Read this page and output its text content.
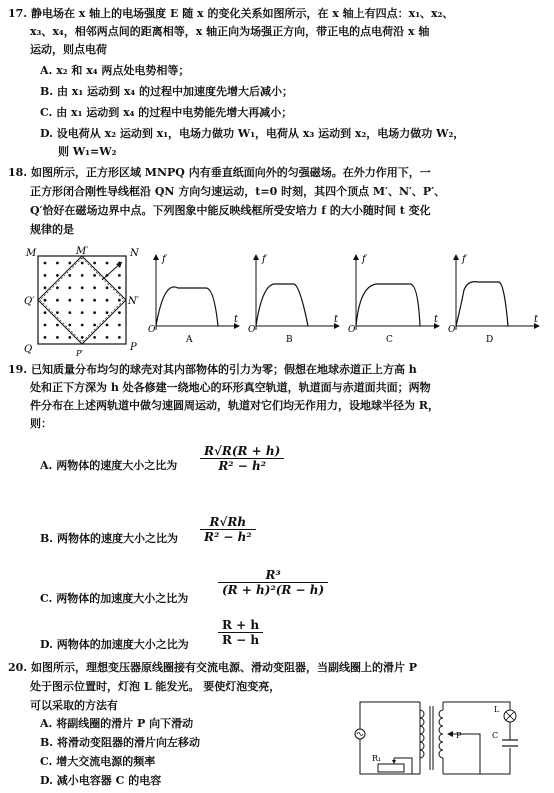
17. 静电场在 x 轴上的电场强度 E 随 x 的变化关系如图所示，在 x 轴上有四点：x₁、x₂、
x₃、x₄，相邻两点间的距离相等，x 轴正向为场强正方向，带正电的点电荷沿 x 轴
运动，则点电荷
A. x₂ 和 x₄ 两点处电势相等；
B. 由 x₁ 运动到 x₄ 的过程中加速度先增大后减小；
C. 由 x₁ 运动到 x₄ 的过程中电势能先增大再减小；
D. 设电荷从 x₂ 运动到 x₁，电场力做功 W₁，电荷从 x₃ 运动到 x₂，电场力做功 W₂，
则 W₁=W₂
18. 如图所示，正方形区域 MNPQ 内有垂直纸面向外的匀强磁场。在外力作用下，一
正方形闭合刚性导线框沿 QN 方向匀速运动，t=0 时刻，其四个顶点 M′、N′、P′、
Q′恰好在磁场边界中点。下列图象中能反映线框所受安培力 f 的大小随时间 t 变化
规律的是
M	M′	N
N′
Q′
Q	P
P′
f
t
O
A
f
t
O
B
f
t
O
C
f
t
O
D
19. 已知质量分布均匀的球壳对其内部物体的引力为零；假想在地球赤道正上方高 h
处和正下方深为 h 处各修建一绕地心的环形真空轨道，轨道面与赤道面共面；两物
件分布在上述两轨道中做匀速圆周运动，轨道对它们均无作用力，设地球半径为 R，
则：
A. 两物体的速度大小之比为 $\frac{R√R(R + h)}{\text{R² − h²}}$
B. 两物体的速度大小之比为 $\frac{R√Rh}{\text{R² − h²}}$
C. 两物体的加速度大小之比为
$\frac{\text{R³}}{\text{(R + h)²(R − h)}}$
D. 两物体的加速度大小之比为 $\frac{R + h}{R - h}$
20. 如图所示，理想变压器原线圈接有交流电源、滑动变阻器，当副线圈上的滑片 P
处于图示位置时，灯泡 L 能发光。 要使灯泡变亮，
可以采取的方法有
A. 将副线圈的滑片 P 向下滑动
B. 将滑动变阻器的滑片向左移动
C. 增大交流电源的频率
D. 减小电容器 C 的电容
R₁
P
L
C
